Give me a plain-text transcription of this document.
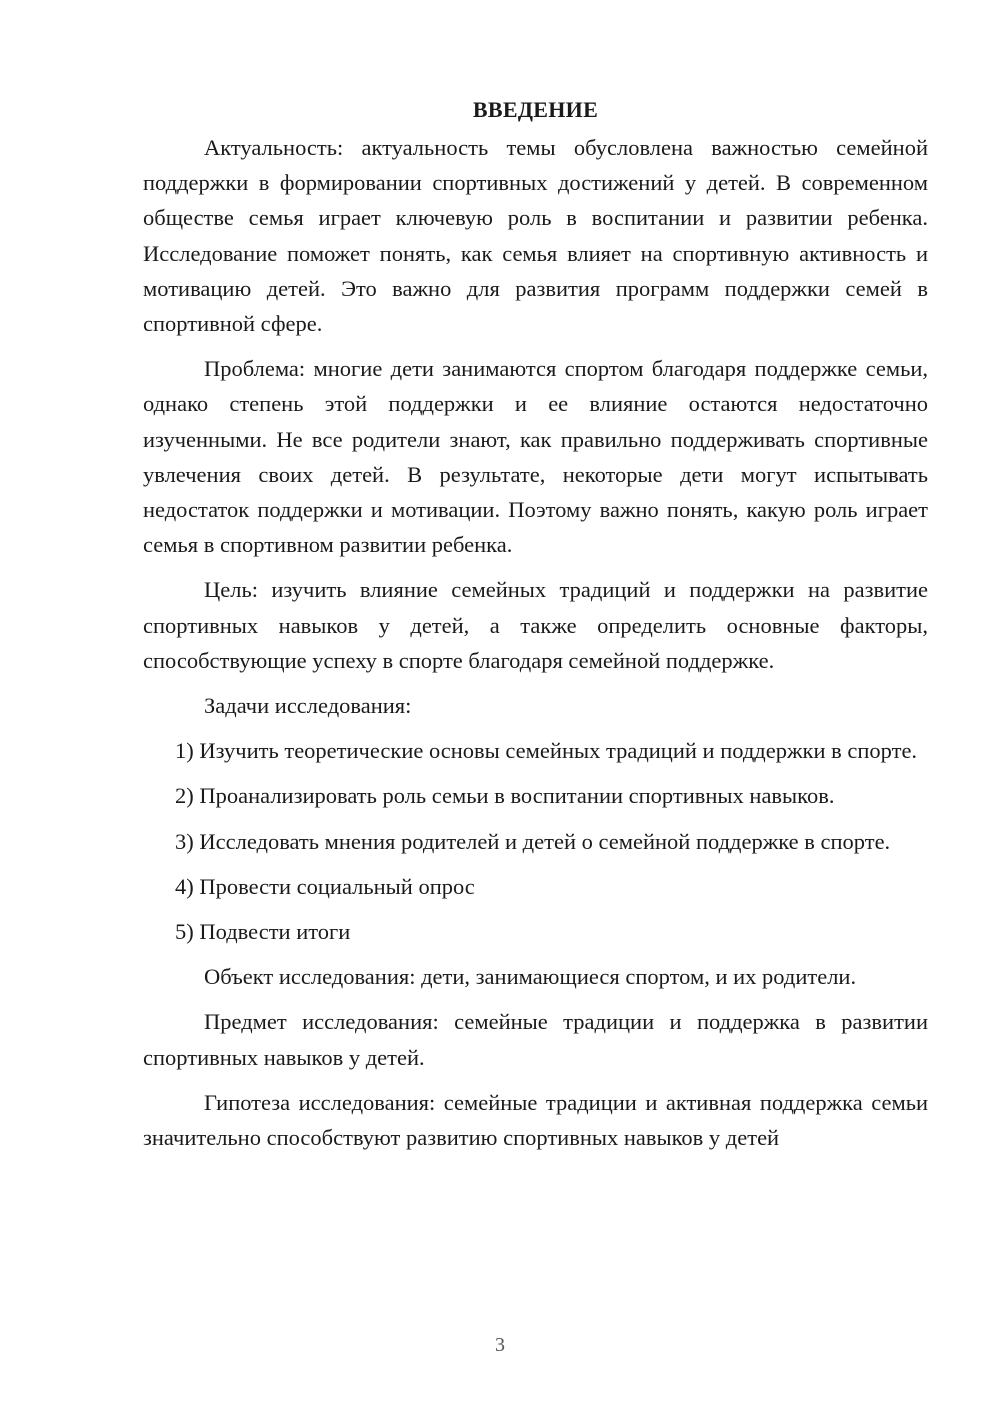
ВВЕДЕНИЕ

Актуальность: актуальность темы обусловлена важностью семейной поддержки в формировании спортивных достижений у детей. В современном обществе семья играет ключевую роль в воспитании и развитии ребенка. Исследование поможет понять, как семья влияет на спортивную активность и мотивацию детей. Это важно для развития программ поддержки семей в спортивной сфере.

Проблема: многие дети занимаются спортом благодаря поддержке семьи, однако степень этой поддержки и ее влияние остаются недостаточно изученными. Не все родители знают, как правильно поддерживать спортивные увлечения своих детей. В результате, некоторые дети могут испытывать недостаток поддержки и мотивации. Поэтому важно понять, какую роль играет семья в спортивном развитии ребенка.

Цель: изучить влияние семейных традиций и поддержки на развитие спортивных навыков у детей, а также определить основные факторы, способствующие успеху в спорте благодаря семейной поддержке.

Задачи исследования:

1) Изучить теоретические основы семейных традиций и поддержки в спорте.

2) Проанализировать роль семьи в воспитании спортивных навыков.

3) Исследовать мнения родителей и детей о семейной поддержке в спорте.

4) Провести социальный опрос

5) Подвести итоги

Объект исследования: дети, занимающиеся спортом, и их родители.

Предмет исследования: семейные традиции и поддержка в развитии спортивных навыков у детей.

Гипотеза исследования: семейные традиции и активная поддержка семьи значительно способствуют развитию спортивных навыков у детей

3
